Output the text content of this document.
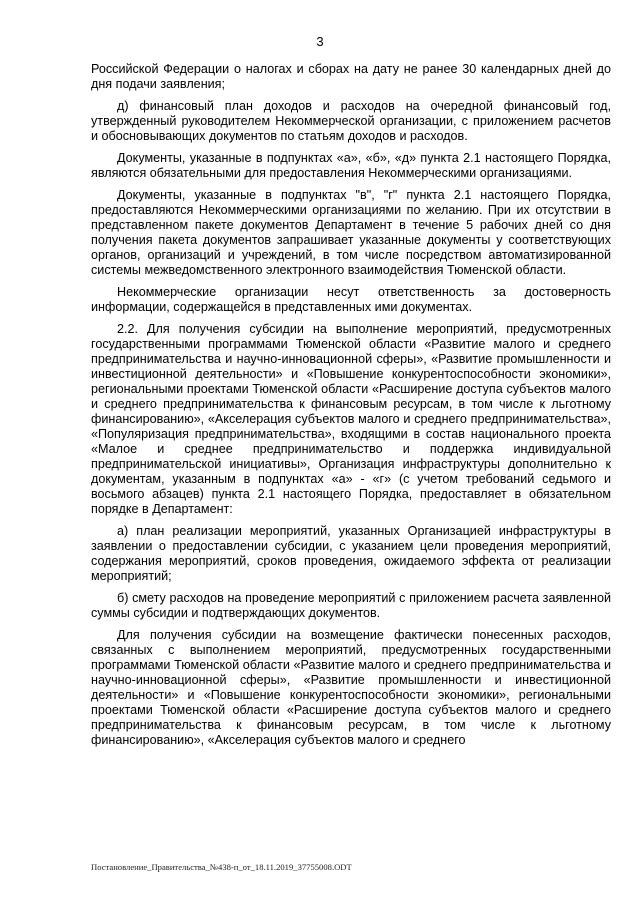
3

Российской Федерации о налогах и сборах на дату не ранее 30 календарных дней до дня подачи заявления;

д) финансовый план доходов и расходов на очередной финансовый год, утвержденный руководителем Некоммерческой организации, с приложением расчетов и обосновывающих документов по статьям доходов и расходов.

Документы, указанные в подпунктах «а», «б», «д» пункта 2.1 настоящего Порядка, являются обязательными для предоставления Некоммерческими организациями.

Документы, указанные в подпунктах "в", "г" пункта 2.1 настоящего Порядка, предоставляются Некоммерческими организациями по желанию. При их отсутствии в представленном пакете документов Департамент в течение 5 рабочих дней со дня получения пакета документов запрашивает указанные документы у соответствующих органов, организаций и учреждений, в том числе посредством автоматизированной системы межведомственного электронного взаимодействия Тюменской области.

Некоммерческие организации несут ответственность за достоверность информации, содержащейся в представленных ими документах.

2.2. Для получения субсидии на выполнение мероприятий, предусмотренных государственными программами Тюменской области «Развитие малого и среднего предпринимательства и научно-инновационной сферы», «Развитие промышленности и инвестиционной деятельности» и «Повышение конкурентоспособности экономики», региональными проектами Тюменской области «Расширение доступа субъектов малого и среднего предпринимательства к финансовым ресурсам, в том числе к льготному финансированию», «Акселерация субъектов малого и среднего предпринимательства», «Популяризация предпринимательства», входящими в состав национального проекта «Малое и среднее предпринимательство и поддержка индивидуальной предпринимательской инициативы», Организация инфраструктуры дополнительно к документам, указанным в подпунктах «а» - «г» (с учетом требований седьмого и восьмого абзацев) пункта 2.1 настоящего Порядка, предоставляет в обязательном порядке в Департамент:

а) план реализации мероприятий, указанных Организацией инфраструктуры в заявлении о предоставлении субсидии, с указанием цели проведения мероприятий, содержания мероприятий, сроков проведения, ожидаемого эффекта от реализации мероприятий;

б) смету расходов на проведение мероприятий с приложением расчета заявленной суммы субсидии и подтверждающих документов.

Для получения субсидии на возмещение фактически понесенных расходов, связанных с выполнением мероприятий, предусмотренных государственными программами Тюменской области «Развитие малого и среднего предпринимательства и научно-инновационной сферы», «Развитие промышленности и инвестиционной деятельности» и «Повышение конкурентоспособности экономики», региональными проектами Тюменской области «Расширение доступа субъектов малого и среднего предпринимательства к финансовым ресурсам, в том числе к льготному финансированию», «Акселерация субъектов малого и среднего

Постановление_Правительства_№438-п_от_18.11.2019_37755008.ODT
